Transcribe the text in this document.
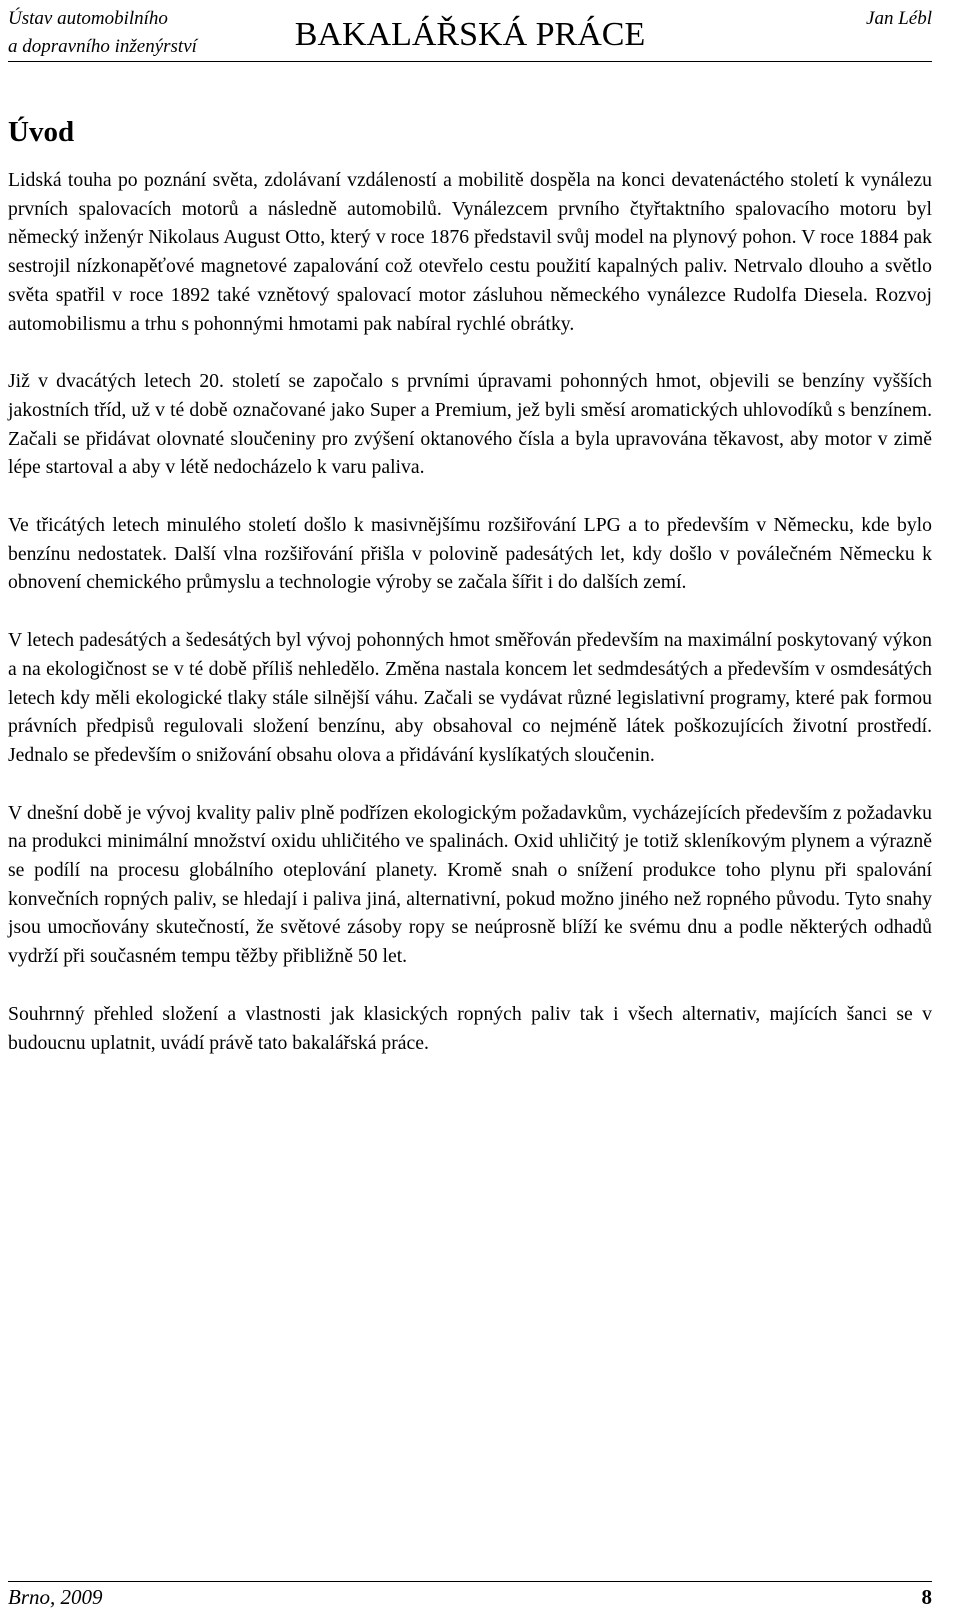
Ústav automobilního
a dopravního inženýrství	BAKALÁŘSKÁ PRÁCE	Jan Lébl
Úvod

Lidská touha po poznání světa, zdolávaní vzdáleností a mobilitě dospěla na konci devatenáctého století k vynálezu prvních spalovacích motorů a následně automobilů. Vynálezcem prvního čtyřtaktního spalovacího motoru byl německý inženýr Nikolaus August Otto, který v roce 1876 představil svůj model na plynový pohon. V roce 1884 pak sestrojil nízkonapěťové magnetové zapalování což otevřelo cestu použití kapalných paliv. Netrvalo dlouho a světlo světa spatřil v roce 1892 také vznětový spalovací motor zásluhou německého vynálezce Rudolfa Diesela. Rozvoj automobilismu a trhu s pohonnými hmotami pak nabíral rychlé obrátky.

Již v dvacátých letech 20. století se započalo s prvními úpravami pohonných hmot, objevili se benzíny vyšších jakostních tříd, už v té době označované jako Super a Premium, jež byli směsí aromatických uhlovodíků s benzínem. Začali se přidávat olovnaté sloučeniny pro zvýšení oktanového čísla a byla upravována těkavost, aby motor v zimě lépe startoval a aby v létě nedocházelo k varu paliva.

Ve třicátých letech minulého století došlo k masivnějšímu rozšiřování LPG a to především v Německu, kde bylo benzínu nedostatek. Další vlna rozšiřování přišla v polovině padesátých let, kdy došlo v poválečném Německu k obnovení chemického průmyslu a technologie výroby se začala šířit i do dalších zemí.

V letech padesátých a šedesátých byl vývoj pohonných hmot směřován především na maximální poskytovaný výkon a na ekologičnost se v té době příliš nehledělo. Změna nastala koncem let sedmdesátých a především v osmdesátých letech kdy měli ekologické tlaky stále silnější váhu. Začali se vydávat různé legislativní programy, které pak formou právních předpisů regulovali složení benzínu, aby obsahoval co nejméně látek poškozujících životní prostředí. Jednalo se především o snižování obsahu olova a přidávání kyslíkatých sloučenin.

V dnešní době je vývoj kvality paliv plně podřízen ekologickým požadavkům, vycházejících především z požadavku na produkci minimální množství oxidu uhličitého ve spalinách. Oxid uhličitý je totiž skleníkovým plynem a výrazně se podílí na procesu globálního oteplování planety. Kromě snah o snížení produkce toho plynu při spalování konvečních ropných paliv, se hledají i paliva jiná, alternativní, pokud možno jiného než ropného původu. Tyto snahy jsou umocňovány skutečností, že světové zásoby ropy se neúprosně blíží ke svému dnu a podle některých odhadů vydrží při současném tempu těžby přibližně 50 let.

Souhrnný přehled složení a vlastnosti jak klasických ropných paliv tak i všech alternativ, majících šanci se v budoucnu uplatnit, uvádí právě tato bakalářská práce.

Brno, 2009	8
